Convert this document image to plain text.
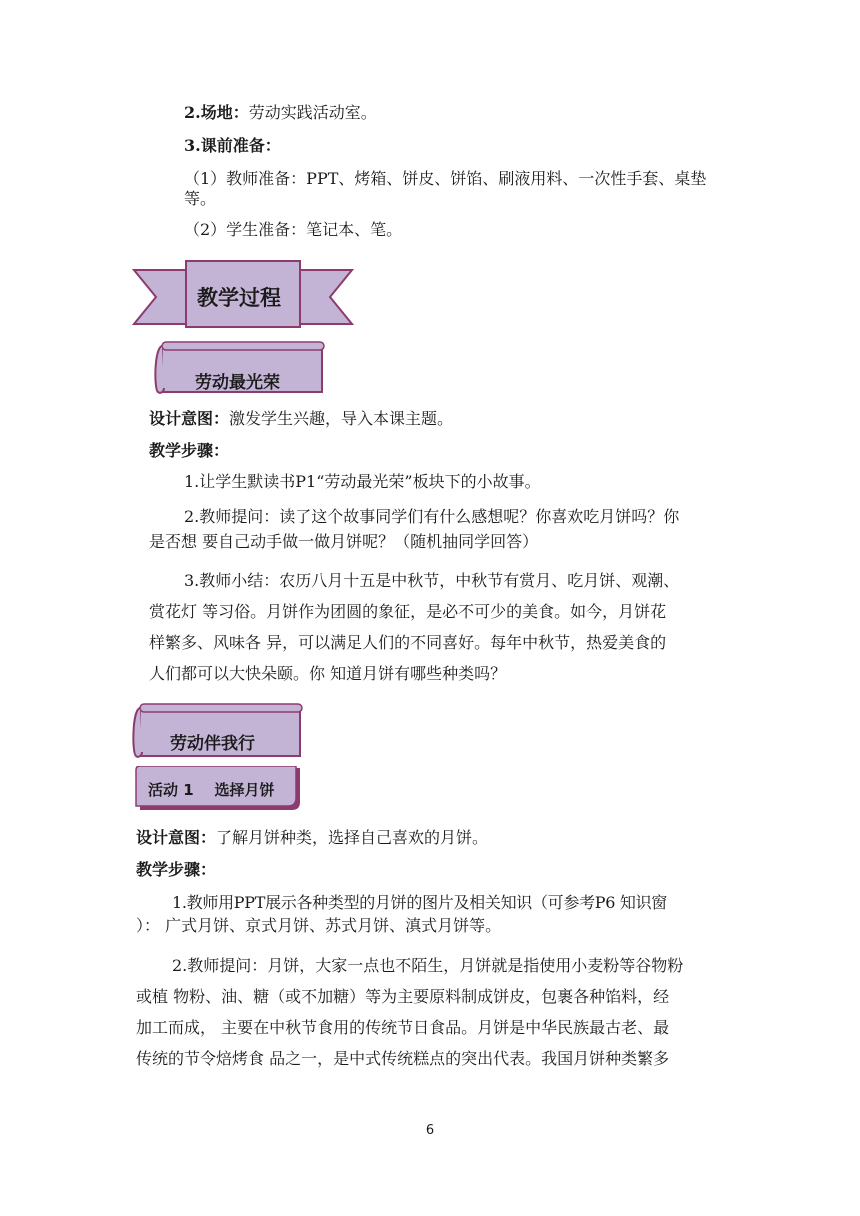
2.场地：劳动实践活动室。
3.课前准备：
（1）教师准备：PPT、烤箱、饼皮、饼馅、刷液用料、一次性手套、桌垫
等。
（2）学生准备：笔记本、笔。
教学过程
劳动最光荣
设计意图：激发学生兴趣，导入本课主题。
教学步骤：
1.让学生默读书P1“劳动最光荣”板块下的小故事。
2.教师提问：读了这个故事同学们有什么感想呢？你喜欢吃月饼吗？你
是否想 要自己动手做一做月饼呢？（随机抽同学回答）
3.教师小结：农历八月十五是中秋节，中秋节有赏月、吃月饼、观潮、
赏花灯 等习俗。月饼作为团圆的象征，是必不可少的美食。如今，月饼花
样繁多、风味各 异，可以满足人们的不同喜好。每年中秋节，热爱美食的
人们都可以大快朵颐。你 知道月饼有哪些种类吗？
劳动伴我行
活动 1    选择月饼
设计意图：了解月饼种类，选择自己喜欢的月饼。
教学步骤：
1.教师用PPT展示各种类型的月饼的图片及相关知识（可参考P6 知识窗
）： 广式月饼、京式月饼、苏式月饼、滇式月饼等。
2.教师提问：月饼，大家一点也不陌生，月饼就是指使用小麦粉等谷物粉
或植 物粉、油、糖（或不加糖）等为主要原料制成饼皮，包裹各种馅料，经
加工而成， 主要在中秋节食用的传统节日食品。月饼是中华民族最古老、最
传统的节令焙烤食 品之一，是中式传统糕点的突出代表。我国月饼种类繁多
6
